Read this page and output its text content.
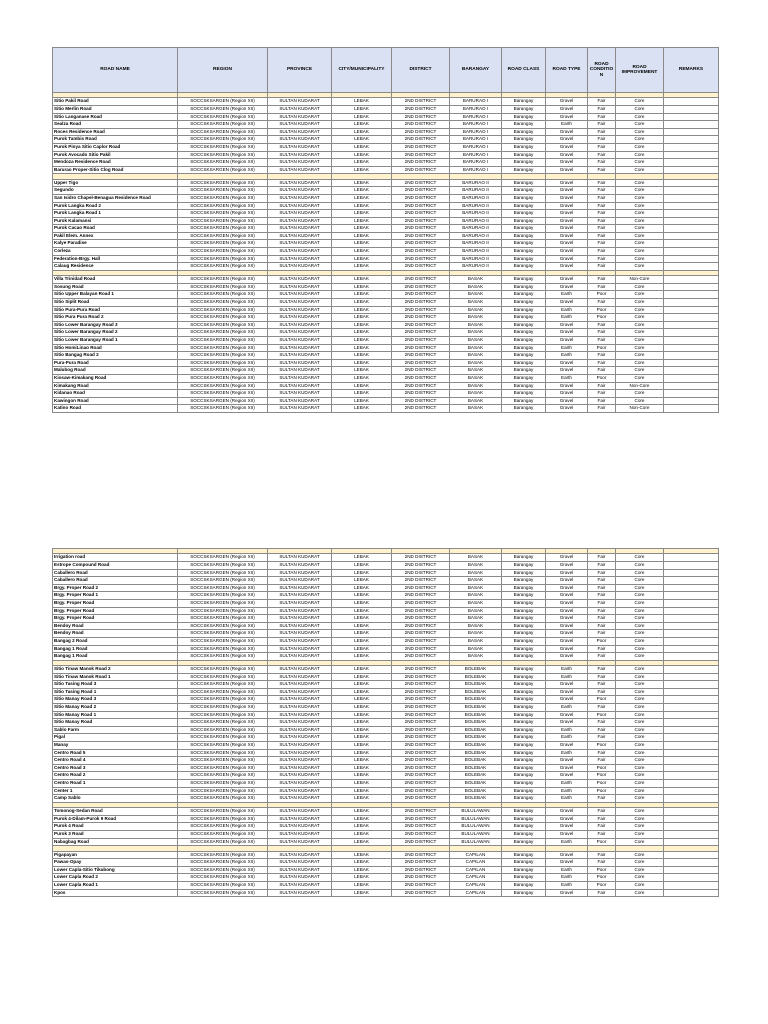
ROAD NAME	REGION	PROVINCE	CITY/MUNICIPALITY	DISTRICT	BARANGAY	ROAD CLASS	ROAD TYPE	ROAD CONDITIO N	ROAD IMPROVEMENT	REMARKS

Sitio Pakil Road	SOCCSKSARGEN (Region XII)	SULTAN KUDARAT	LEBAK	2ND DISTRICT	BARURAO I	Barangay	Gravel	Fair	Core	
Sitio Merlin Road	SOCCSKSARGEN (Region XII)	SULTAN KUDARAT	LEBAK	2ND DISTRICT	BARURAO I	Barangay	Gravel	Fair	Core	
Sitio Langanase Road	SOCCSKSARGEN (Region XII)	SULTAN KUDARAT	LEBAK	2ND DISTRICT	BARURAO I	Barangay	Gravel	Fair	Core	
Sealza Road	SOCCSKSARGEN (Region XII)	SULTAN KUDARAT	LEBAK	2ND DISTRICT	BARURAO I	Barangay	Earth	Fair	Core	
Roces Residence Road	SOCCSKSARGEN (Region XII)	SULTAN KUDARAT	LEBAK	2ND DISTRICT	BARURAO I	Barangay	Gravel	Fair	Core	
Purok Tambis Road	SOCCSKSARGEN (Region XII)	SULTAN KUDARAT	LEBAK	2ND DISTRICT	BARURAO I	Barangay	Gravel	Fair	Core	
Purok Pinya Sitio Caplor Road	SOCCSKSARGEN (Region XII)	SULTAN KUDARAT	LEBAK	2ND DISTRICT	BARURAO I	Barangay	Gravel	Fair	Core	
Purok Avocado Sitio Pakil	SOCCSKSARGEN (Region XII)	SULTAN KUDARAT	LEBAK	2ND DISTRICT	BARURAO I	Barangay	Gravel	Fair	Core	
Mendoza Residence Road	SOCCSKSARGEN (Region XII)	SULTAN KUDARAT	LEBAK	2ND DISTRICT	BARURAO I	Barangay	Gravel	Fair	Core	
Barurao Proper-Sitio Clog Road	SOCCSKSARGEN (Region XII)	SULTAN KUDARAT	LEBAK	2ND DISTRICT	BARURAO I	Barangay	Gravel	Fair	Core	

Upper Tigo	SOCCSKSARGEN (Region XII)	SULTAN KUDARAT	LEBAK	2ND DISTRICT	BARURAO II	Barangay	Gravel	Fair	Core	
Segundo	SOCCSKSARGEN (Region XII)	SULTAN KUDARAT	LEBAK	2ND DISTRICT	BARURAO II	Barangay	Gravel	Fair	Core	
San Isidro Chapel-Benagua Residence Road	SOCCSKSARGEN (Region XII)	SULTAN KUDARAT	LEBAK	2ND DISTRICT	BARURAO II	Barangay	Gravel	Fair	Core	
Purok Langka Road 2	SOCCSKSARGEN (Region XII)	SULTAN KUDARAT	LEBAK	2ND DISTRICT	BARURAO II	Barangay	Gravel	Fair	Core	
Purok Langka Road 1	SOCCSKSARGEN (Region XII)	SULTAN KUDARAT	LEBAK	2ND DISTRICT	BARURAO II	Barangay	Gravel	Fair	Core	
Purok Kalamansi	SOCCSKSARGEN (Region XII)	SULTAN KUDARAT	LEBAK	2ND DISTRICT	BARURAO II	Barangay	Gravel	Fair	Core	
Purok Cacao Road	SOCCSKSARGEN (Region XII)	SULTAN KUDARAT	LEBAK	2ND DISTRICT	BARURAO II	Barangay	Gravel	Fair	Core	
Pakil Elem. Annex	SOCCSKSARGEN (Region XII)	SULTAN KUDARAT	LEBAK	2ND DISTRICT	BARURAO II	Barangay	Gravel	Fair	Core	
Kalye Paradise	SOCCSKSARGEN (Region XII)	SULTAN KUDARAT	LEBAK	2ND DISTRICT	BARURAO II	Barangay	Gravel	Fair	Core	
Corleza	SOCCSKSARGEN (Region XII)	SULTAN KUDARAT	LEBAK	2ND DISTRICT	BARURAO II	Barangay	Gravel	Fair	Core	
Federation-Brgy. Hall	SOCCSKSARGEN (Region XII)	SULTAN KUDARAT	LEBAK	2ND DISTRICT	BARURAO II	Barangay	Gravel	Fair	Core	
Calaug Residence	SOCCSKSARGEN (Region XII)	SULTAN KUDARAT	LEBAK	2ND DISTRICT	BARURAO II	Barangay	Gravel	Fair	Core	

Villa Trinidad Road	SOCCSKSARGEN (Region XII)	SULTAN KUDARAT	LEBAK	2ND DISTRICT	BASAK	Barangay	Gravel	Fair	Non-Core	
Sosung Road	SOCCSKSARGEN (Region XII)	SULTAN KUDARAT	LEBAK	2ND DISTRICT	BASAK	Barangay	Gravel	Fair	Core	
Sitio Upper Balayan Road 1	SOCCSKSARGEN (Region XII)	SULTAN KUDARAT	LEBAK	2ND DISTRICT	BASAK	Barangay	Earth	Poor	Core	
Sitio Siplit Road	SOCCSKSARGEN (Region XII)	SULTAN KUDARAT	LEBAK	2ND DISTRICT	BASAK	Barangay	Gravel	Fair	Core	
Sitio Pura-Pura Road	SOCCSKSARGEN (Region XII)	SULTAN KUDARAT	LEBAK	2ND DISTRICT	BASAK	Barangay	Earth	Poor	Core	
Sitio Pura Pura Road 2	SOCCSKSARGEN (Region XII)	SULTAN KUDARAT	LEBAK	2ND DISTRICT	BASAK	Barangay	Earth	Poor	Core	
Sitio Lower Barangay Road 3	SOCCSKSARGEN (Region XII)	SULTAN KUDARAT	LEBAK	2ND DISTRICT	BASAK	Barangay	Gravel	Fair	Core	
Sitio Lower Barangay Road 2	SOCCSKSARGEN (Region XII)	SULTAN KUDARAT	LEBAK	2ND DISTRICT	BASAK	Barangay	Gravel	Fair	Core	
Sitio Lower Barangay Road 1	SOCCSKSARGEN (Region XII)	SULTAN KUDARAT	LEBAK	2ND DISTRICT	BASAK	Barangay	Gravel	Fair	Core	
Sitio HomiLinao Road	SOCCSKSARGEN (Region XII)	SULTAN KUDARAT	LEBAK	2ND DISTRICT	BASAK	Barangay	Earth	Poor	Core	
Sitio Bangag Road 2	SOCCSKSARGEN (Region XII)	SULTAN KUDARAT	LEBAK	2ND DISTRICT	BASAK	Barangay	Earth	Fair	Core	
Pura-Pura Road	SOCCSKSARGEN (Region XII)	SULTAN KUDARAT	LEBAK	2ND DISTRICT	BASAK	Barangay	Gravel	Fair	Core	
Malubog Road	SOCCSKSARGEN (Region XII)	SULTAN KUDARAT	LEBAK	2ND DISTRICT	BASAK	Barangay	Gravel	Fair	Core	
Kiosaw-Kimakang Road	SOCCSKSARGEN (Region XII)	SULTAN KUDARAT	LEBAK	2ND DISTRICT	BASAK	Barangay	Earth	Poor	Core	
Kimakang Road	SOCCSKSARGEN (Region XII)	SULTAN KUDARAT	LEBAK	2ND DISTRICT	BASAK	Barangay	Gravel	Fair	Non-Core	
Kidanao Road	SOCCSKSARGEN (Region XII)	SULTAN KUDARAT	LEBAK	2ND DISTRICT	BASAK	Barangay	Gravel	Fair	Core	
Kawingon Road	SOCCSKSARGEN (Region XII)	SULTAN KUDARAT	LEBAK	2ND DISTRICT	BASAK	Barangay	Gravel	Fair	Core	
Katino Road	SOCCSKSARGEN (Region XII)	SULTAN KUDARAT	LEBAK	2ND DISTRICT	BASAK	Barangay	Gravel	Fair	Non-Core	

Irrigation road	SOCCSKSARGEN (Region XII)	SULTAN KUDARAT	LEBAK	2ND DISTRICT	BASAK	Barangay	Gravel	Fair	Core	
Estrope Compound Road	SOCCSKSARGEN (Region XII)	SULTAN KUDARAT	LEBAK	2ND DISTRICT	BASAK	Barangay	Gravel	Fair	Core	
Caballero Road	SOCCSKSARGEN (Region XII)	SULTAN KUDARAT	LEBAK	2ND DISTRICT	BASAK	Barangay	Gravel	Fair	Core	
Caballero Road	SOCCSKSARGEN (Region XII)	SULTAN KUDARAT	LEBAK	2ND DISTRICT	BASAK	Barangay	Gravel	Fair	Core	
Brgy. Proper Road 2	SOCCSKSARGEN (Region XII)	SULTAN KUDARAT	LEBAK	2ND DISTRICT	BASAK	Barangay	Gravel	Fair	Core	
Brgy. Proper Road 1	SOCCSKSARGEN (Region XII)	SULTAN KUDARAT	LEBAK	2ND DISTRICT	BASAK	Barangay	Gravel	Fair	Core	
Brgy. Proper Road	SOCCSKSARGEN (Region XII)	SULTAN KUDARAT	LEBAK	2ND DISTRICT	BASAK	Barangay	Gravel	Fair	Core	
Brgy. Proper Road	SOCCSKSARGEN (Region XII)	SULTAN KUDARAT	LEBAK	2ND DISTRICT	BASAK	Barangay	Gravel	Fair	Core	
Brgy. Proper Road	SOCCSKSARGEN (Region XII)	SULTAN KUDARAT	LEBAK	2ND DISTRICT	BASAK	Barangay	Gravel	Fair	Core	
Bendoy Road	SOCCSKSARGEN (Region XII)	SULTAN KUDARAT	LEBAK	2ND DISTRICT	BASAK	Barangay	Gravel	Fair	Core	
Bendoy Road	SOCCSKSARGEN (Region XII)	SULTAN KUDARAT	LEBAK	2ND DISTRICT	BASAK	Barangay	Gravel	Fair	Core	
Bangag 2 Road	SOCCSKSARGEN (Region XII)	SULTAN KUDARAT	LEBAK	2ND DISTRICT	BASAK	Barangay	Gravel	Poor	Core	
Bangag 1 Road	SOCCSKSARGEN (Region XII)	SULTAN KUDARAT	LEBAK	2ND DISTRICT	BASAK	Barangay	Gravel	Fair	Core	
Bangag 1 Road	SOCCSKSARGEN (Region XII)	SULTAN KUDARAT	LEBAK	2ND DISTRICT	BASAK	Barangay	Gravel	Fair	Core	

Sitio Tinaw Manok Road 2	SOCCSKSARGEN (Region XII)	SULTAN KUDARAT	LEBAK	2ND DISTRICT	BOLEBAK	Barangay	Earth	Fair	Core	
Sitio Tinaw Manok Road 1	SOCCSKSARGEN (Region XII)	SULTAN KUDARAT	LEBAK	2ND DISTRICT	BOLEBAK	Barangay	Earth	Fair	Core	
Sitio Tasing Road 3	SOCCSKSARGEN (Region XII)	SULTAN KUDARAT	LEBAK	2ND DISTRICT	BOLEBAK	Barangay	Gravel	Fair	Core	
Sitio Tasing Road 1	SOCCSKSARGEN (Region XII)	SULTAN KUDARAT	LEBAK	2ND DISTRICT	BOLEBAK	Barangay	Gravel	Fair	Core	
Sitio Manay Road 3	SOCCSKSARGEN (Region XII)	SULTAN KUDARAT	LEBAK	2ND DISTRICT	BOLEBAK	Barangay	Gravel	Poor	Core	
Sitio Manay Road 2	SOCCSKSARGEN (Region XII)	SULTAN KUDARAT	LEBAK	2ND DISTRICT	BOLEBAK	Barangay	Earth	Fair	Core	
Sitio Manay Road 1	SOCCSKSARGEN (Region XII)	SULTAN KUDARAT	LEBAK	2ND DISTRICT	BOLEBAK	Barangay	Gravel	Poor	Core	
Sitio Manay Road	SOCCSKSARGEN (Region XII)	SULTAN KUDARAT	LEBAK	2ND DISTRICT	BOLEBAK	Barangay	Gravel	Fair	Core	
Sablo Farm	SOCCSKSARGEN (Region XII)	SULTAN KUDARAT	LEBAK	2ND DISTRICT	BOLEBAK	Barangay	Earth	Fair	Core	
Pigal	SOCCSKSARGEN (Region XII)	SULTAN KUDARAT	LEBAK	2ND DISTRICT	BOLEBAK	Barangay	Earth	Fair	Core	
Manay	SOCCSKSARGEN (Region XII)	SULTAN KUDARAT	LEBAK	2ND DISTRICT	BOLEBAK	Barangay	Gravel	Poor	Core	
Centro Road 5	SOCCSKSARGEN (Region XII)	SULTAN KUDARAT	LEBAK	2ND DISTRICT	BOLEBAK	Barangay	Earth	Fair	Core	
Centro Road 4	SOCCSKSARGEN (Region XII)	SULTAN KUDARAT	LEBAK	2ND DISTRICT	BOLEBAK	Barangay	Gravel	Fair	Core	
Centro Road 3	SOCCSKSARGEN (Region XII)	SULTAN KUDARAT	LEBAK	2ND DISTRICT	BOLEBAK	Barangay	Gravel	Poor	Core	
Centro Road 2	SOCCSKSARGEN (Region XII)	SULTAN KUDARAT	LEBAK	2ND DISTRICT	BOLEBAK	Barangay	Gravel	Poor	Core	
Centro Road 1	SOCCSKSARGEN (Region XII)	SULTAN KUDARAT	LEBAK	2ND DISTRICT	BOLEBAK	Barangay	Earth	Poor	Core	
Center 1	SOCCSKSARGEN (Region XII)	SULTAN KUDARAT	LEBAK	2ND DISTRICT	BOLEBAK	Barangay	Earth	Poor	Core	
Camp Sablo	SOCCSKSARGEN (Region XII)	SULTAN KUDARAT	LEBAK	2ND DISTRICT	BOLEBAK	Barangay	Earth	Fair	Core	

Tomonog-Sedan Road	SOCCSKSARGEN (Region XII)	SULTAN KUDARAT	LEBAK	2ND DISTRICT	BULULAWAN	Barangay	Gravel	Fair	Core	
Purok 4-Dilam-Purok 9 Road	SOCCSKSARGEN (Region XII)	SULTAN KUDARAT	LEBAK	2ND DISTRICT	BULULAWAN	Barangay	Gravel	Fair	Core	
Purok 4 Road	SOCCSKSARGEN (Region XII)	SULTAN KUDARAT	LEBAK	2ND DISTRICT	BULULAWAN	Barangay	Gravel	Fair	Core	
Purok 3 Road	SOCCSKSARGEN (Region XII)	SULTAN KUDARAT	LEBAK	2ND DISTRICT	BULULAWAN	Barangay	Gravel	Fair	Core	
Nabagbag Road	SOCCSKSARGEN (Region XII)	SULTAN KUDARAT	LEBAK	2ND DISTRICT	BULULAWAN	Barangay	Earth	Poor	Core	

Pigapayan	SOCCSKSARGEN (Region XII)	SULTAN KUDARAT	LEBAK	2ND DISTRICT	CAPILAN	Barangay	Gravel	Fair	Core	
Pawas-Opay	SOCCSKSARGEN (Region XII)	SULTAN KUDARAT	LEBAK	2ND DISTRICT	CAPILAN	Barangay	Gravel	Fair	Core	
Lower Capla-Sitio Tikubong	SOCCSKSARGEN (Region XII)	SULTAN KUDARAT	LEBAK	2ND DISTRICT	CAPILAN	Barangay	Earth	Poor	Core	
Lower Capla Road 2	SOCCSKSARGEN (Region XII)	SULTAN KUDARAT	LEBAK	2ND DISTRICT	CAPILAN	Barangay	Earth	Poor	Core	
Lower Capla Road 1	SOCCSKSARGEN (Region XII)	SULTAN KUDARAT	LEBAK	2ND DISTRICT	CAPILAN	Barangay	Earth	Poor	Core	
Kpos	SOCCSKSARGEN (Region XII)	SULTAN KUDARAT	LEBAK	2ND DISTRICT	CAPILAN	Barangay	Gravel	Fair	Core	
